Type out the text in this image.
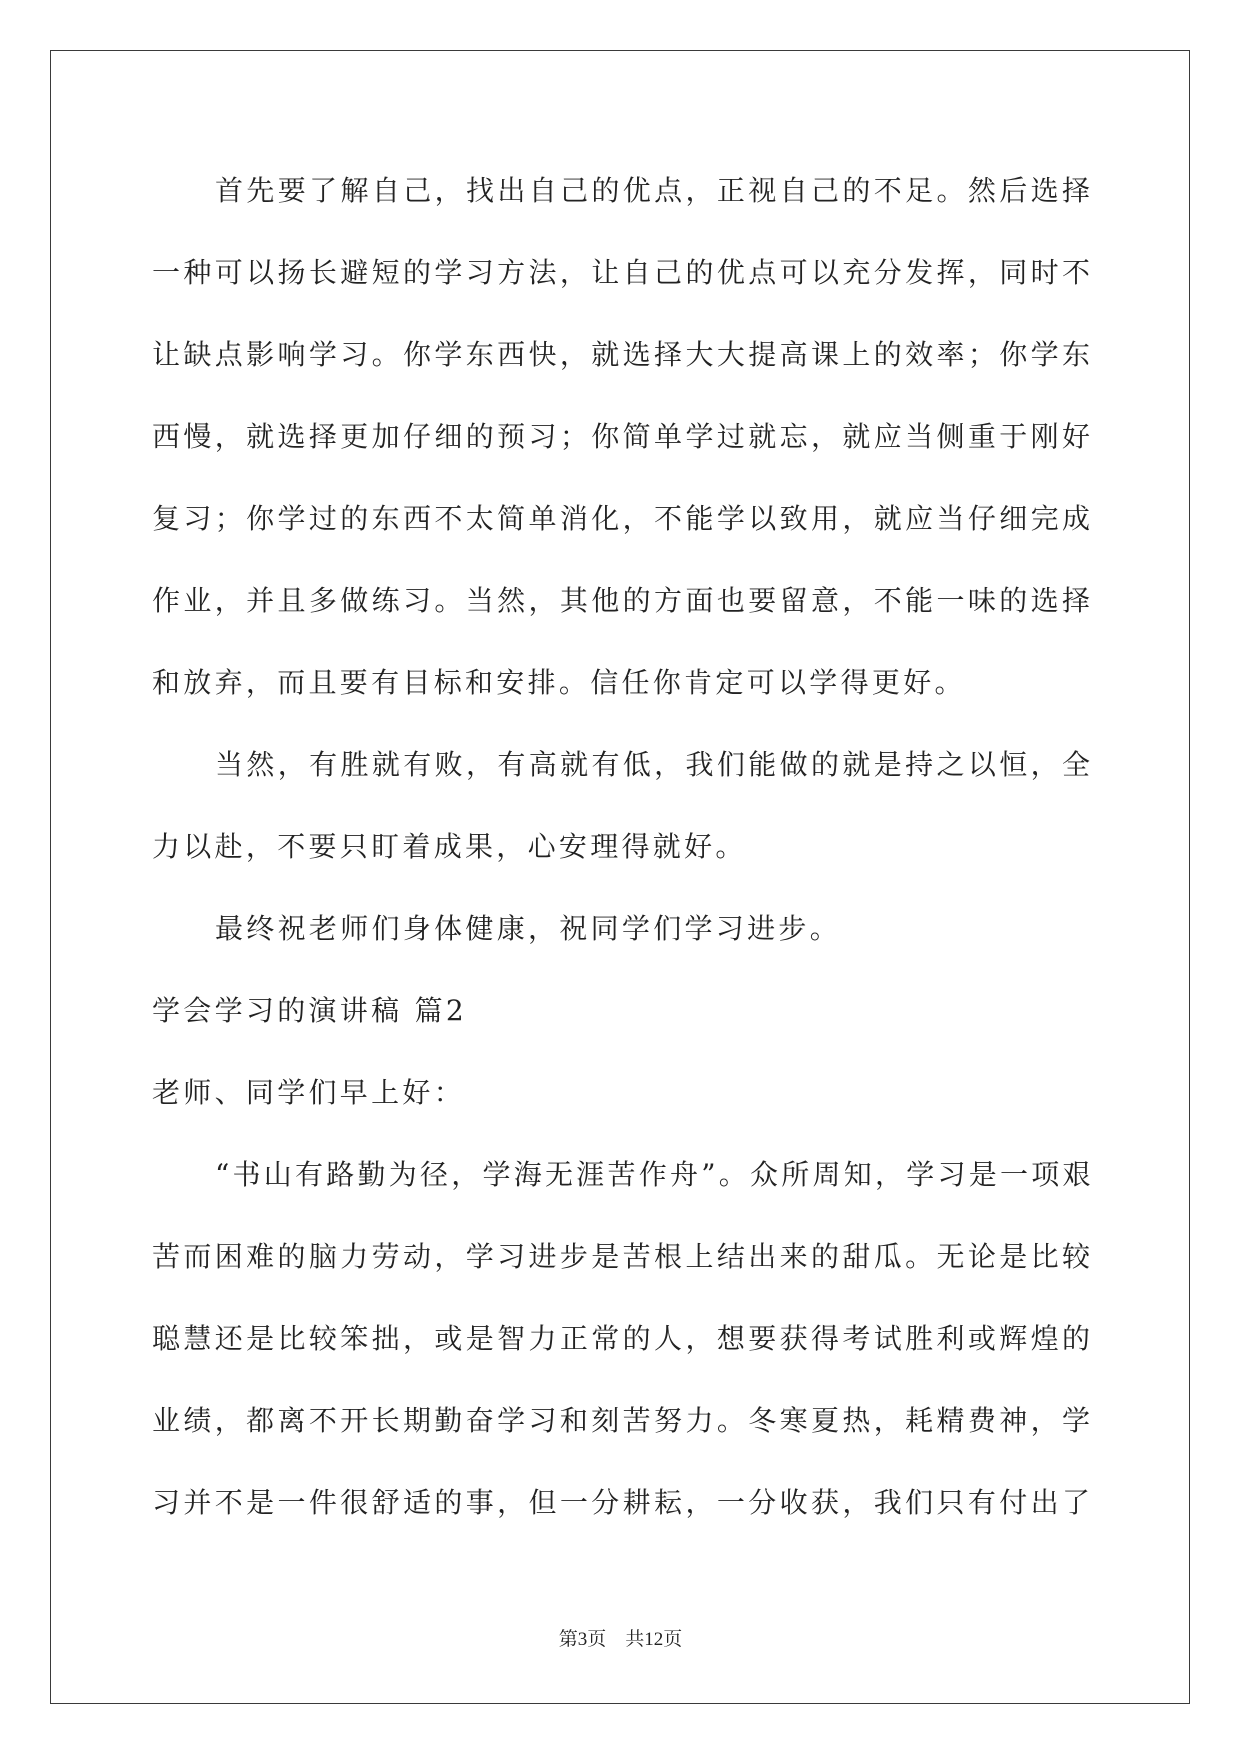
首先要了解自己，找出自己的优点，正视自己的不足。然后选择
一种可以扬长避短的学习方法，让自己的优点可以充分发挥，同时不
让缺点影响学习。你学东西快，就选择大大提高课上的效率；你学东
西慢，就选择更加仔细的预习；你简单学过就忘，就应当侧重于刚好
复习；你学过的东西不太简单消化，不能学以致用，就应当仔细完成
作业，并且多做练习。当然，其他的方面也要留意，不能一味的选择
和放弃，而且要有目标和安排。信任你肯定可以学得更好。
当然，有胜就有败，有高就有低，我们能做的就是持之以恒，全
力以赴，不要只盯着成果，心安理得就好。
最终祝老师们身体健康，祝同学们学习进步。
学会学习的演讲稿 篇2
老师、同学们早上好：
“书山有路勤为径，学海无涯苦作舟”。众所周知，学习是一项艰
苦而困难的脑力劳动，学习进步是苦根上结出来的甜瓜。无论是比较
聪慧还是比较笨拙，或是智力正常的人，想要获得考试胜利或辉煌的
业绩，都离不开长期勤奋学习和刻苦努力。冬寒夏热，耗精费神，学
习并不是一件很舒适的事，但一分耕耘，一分收获，我们只有付出了
第3页　共12页
